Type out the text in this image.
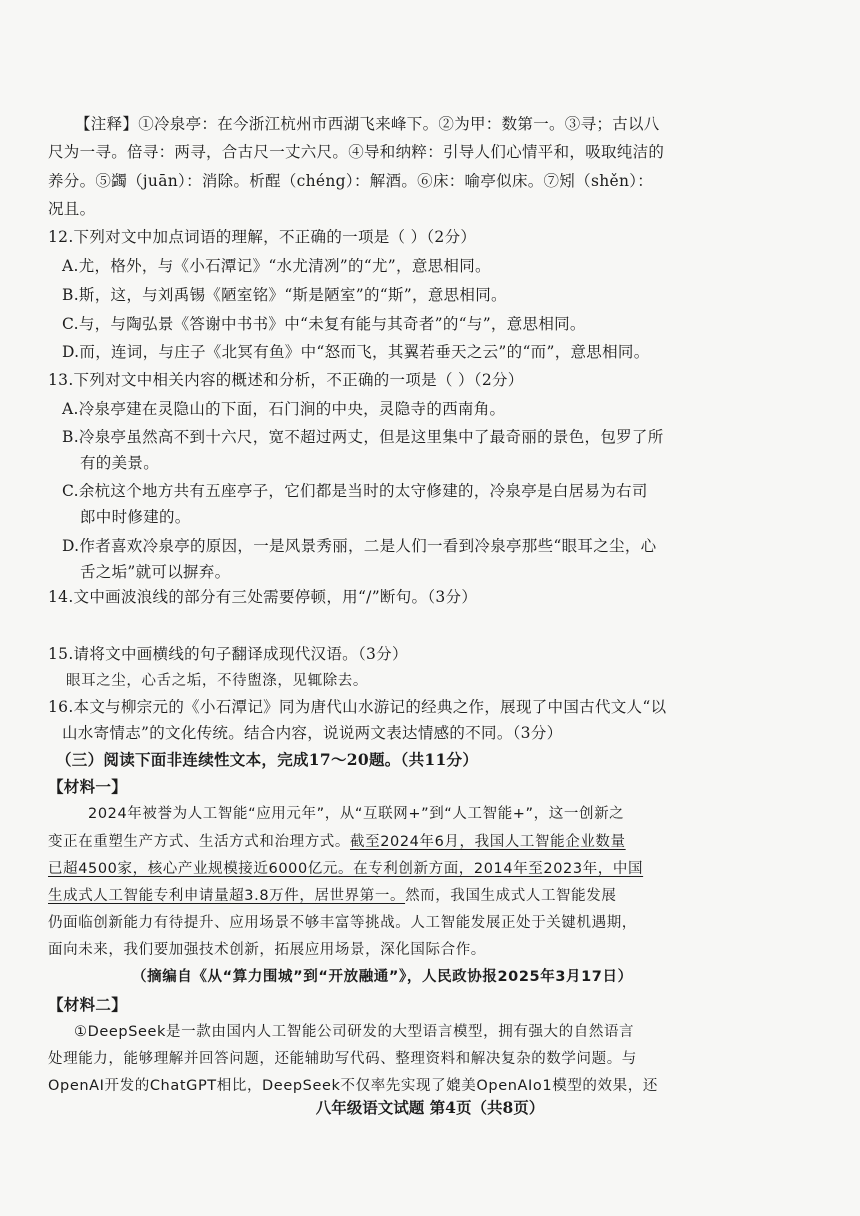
【注释】①冷泉亭：在今浙江杭州市西湖飞来峰下。②为甲：数第一。③寻；古以八
尺为一寻。倍寻：两寻，合古尺一丈六尺。④导和纳粹：引导人们心情平和，吸取纯洁的
养分。⑤蠲（juān）：消除。析酲（chéng）：解酒。⑥床：喻亭似床。⑦矧（shěn）：
况且。
12.下列对文中加点词语的理解，不正确的一项是（ ）（2分）
A.尤，格外，与《小石潭记》“水尤清冽”的“尤”，意思相同。
B.斯，这，与刘禹锡《陋室铭》“斯是陋室”的“斯”，意思相同。
C.与，与陶弘景《答谢中书书》中“未复有能与其奇者”的“与”，意思相同。
D.而，连词，与庄子《北冥有鱼》中“怒而飞，其翼若垂天之云”的“而”，意思相同。
13.下列对文中相关内容的概述和分析，不正确的一项是（ ）（2分）
A.冷泉亭建在灵隐山的下面，石门涧的中央，灵隐寺的西南角。
B.冷泉亭虽然高不到十六尺，宽不超过两丈，但是这里集中了最奇丽的景色，包罗了所
有的美景。
C.余杭这个地方共有五座亭子，它们都是当时的太守修建的，冷泉亭是白居易为右司
郎中时修建的。
D.作者喜欢冷泉亭的原因，一是风景秀丽，二是人们一看到冷泉亭那些“眼耳之尘，心
舌之垢”就可以摒弃。
14.文中画波浪线的部分有三处需要停顿，用“/”断句。（3分）
15.请将文中画横线的句子翻译成现代汉语。（3分）
眼耳之尘，心舌之垢，不待盥涤，见辄除去。
16.本文与柳宗元的《小石潭记》同为唐代山水游记的经典之作，展现了中国古代文人“以
山水寄情志”的文化传统。结合内容，说说两文表达情感的不同。（3分）
（三）阅读下面非连续性文本，完成17～20题。（共11分）
【材料一】
2024年被誉为人工智能“应用元年”，从“互联网+”到“人工智能+”，这一创新之
变正在重塑生产方式、生活方式和治理方式。截至2024年6月，我国人工智能企业数量
已超4500家，核心产业规模接近6000亿元。在专利创新方面，2014年至2023年，中国
生成式人工智能专利申请量超3.8万件，居世界第一。然而，我国生成式人工智能发展
仍面临创新能力有待提升、应用场景不够丰富等挑战。人工智能发展正处于关键机遇期，
面向未来，我们要加强技术创新，拓展应用场景，深化国际合作。
（摘编自《从“算力围城”到“开放融通”》，人民政协报2025年3月17日）
【材料二】
①DeepSeek是一款由国内人工智能公司研发的大型语言模型，拥有强大的自然语言
处理能力，能够理解并回答问题，还能辅助写代码、整理资料和解决复杂的数学问题。与
OpenAI开发的ChatGPT相比，DeepSeek不仅率先实现了媲美OpenAIo1模型的效果，还
八年级语文试题 第4页（共8页）
